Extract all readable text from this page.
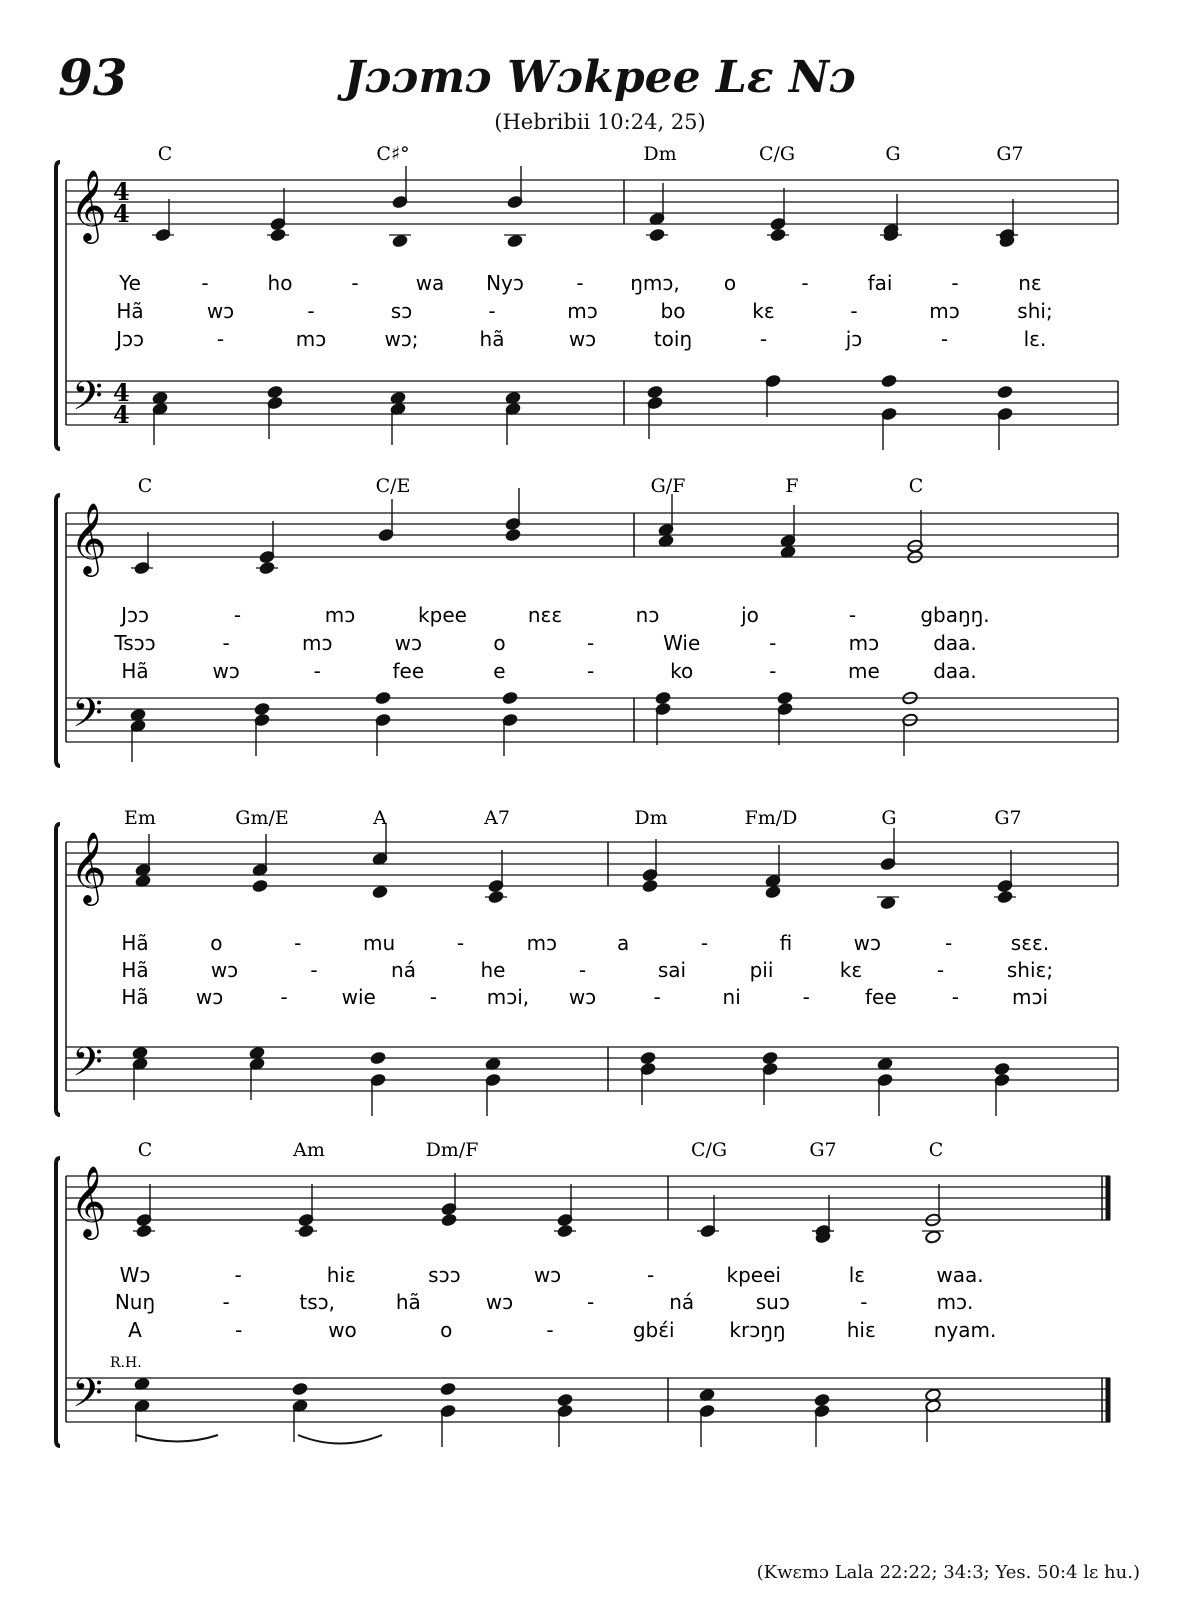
93	Jɔɔmɔ Wɔkpee Lɛ Nɔ
(Hebribii 10:24, 25)
𝄞
𝄢
4
4
4
4
C	C♯°	Dm	C/G	G	G7
Ye	-	ho	-	wa Nyɔ	- ŋmɔ, o	-	fai	-	nɛ
Hã	wɔ	-	sɔ	-	mɔ	bo	kɛ	-	mɔ	shi;
Jɔɔ	-	mɔ	wɔ;	hã	wɔ	toiŋ	-	jɔ	-	lɛ.
𝄞
𝄢
C	C/E	G/F	F	C
Jɔɔ	-	mɔ	kpee	nɛɛ	nɔ	jo	-	gbaŋŋ.
Tsɔɔ	-	mɔ	wɔ	o	-	Wie	-	mɔ	daa.
Hã	wɔ	-	fee	e	-	ko	-	me	daa.
𝄞
𝄢
Em	Gm/E	A	A7	Dm	Fm/D	G	G7
Hã	o	-	mu	-	mɔ	a	-	fi	wɔ	-	sɛɛ.
Hã	wɔ	-	ná	he	-	sai	pii	kɛ	-	shiɛ;
Hã wɔ	-	wie	- mɔi, wɔ	-	ni	-	fee	-	mɔi
𝄞
𝄢
C	Am	Dm/F	C/G	G7	C
Wɔ	-	hiɛ	sɔɔ	wɔ	-	kpeei	lɛ	waa.
Nuŋ	-	tsɔ,	hã	wɔ	-	ná	suɔ	-	mɔ.
A	-	wo	o	-	gbɛ́i	krɔŋŋ	hiɛ	nyam.
R.H.
(Kwɛmɔ Lala 22:22; 34:3; Yes. 50:4 lɛ hu.)
